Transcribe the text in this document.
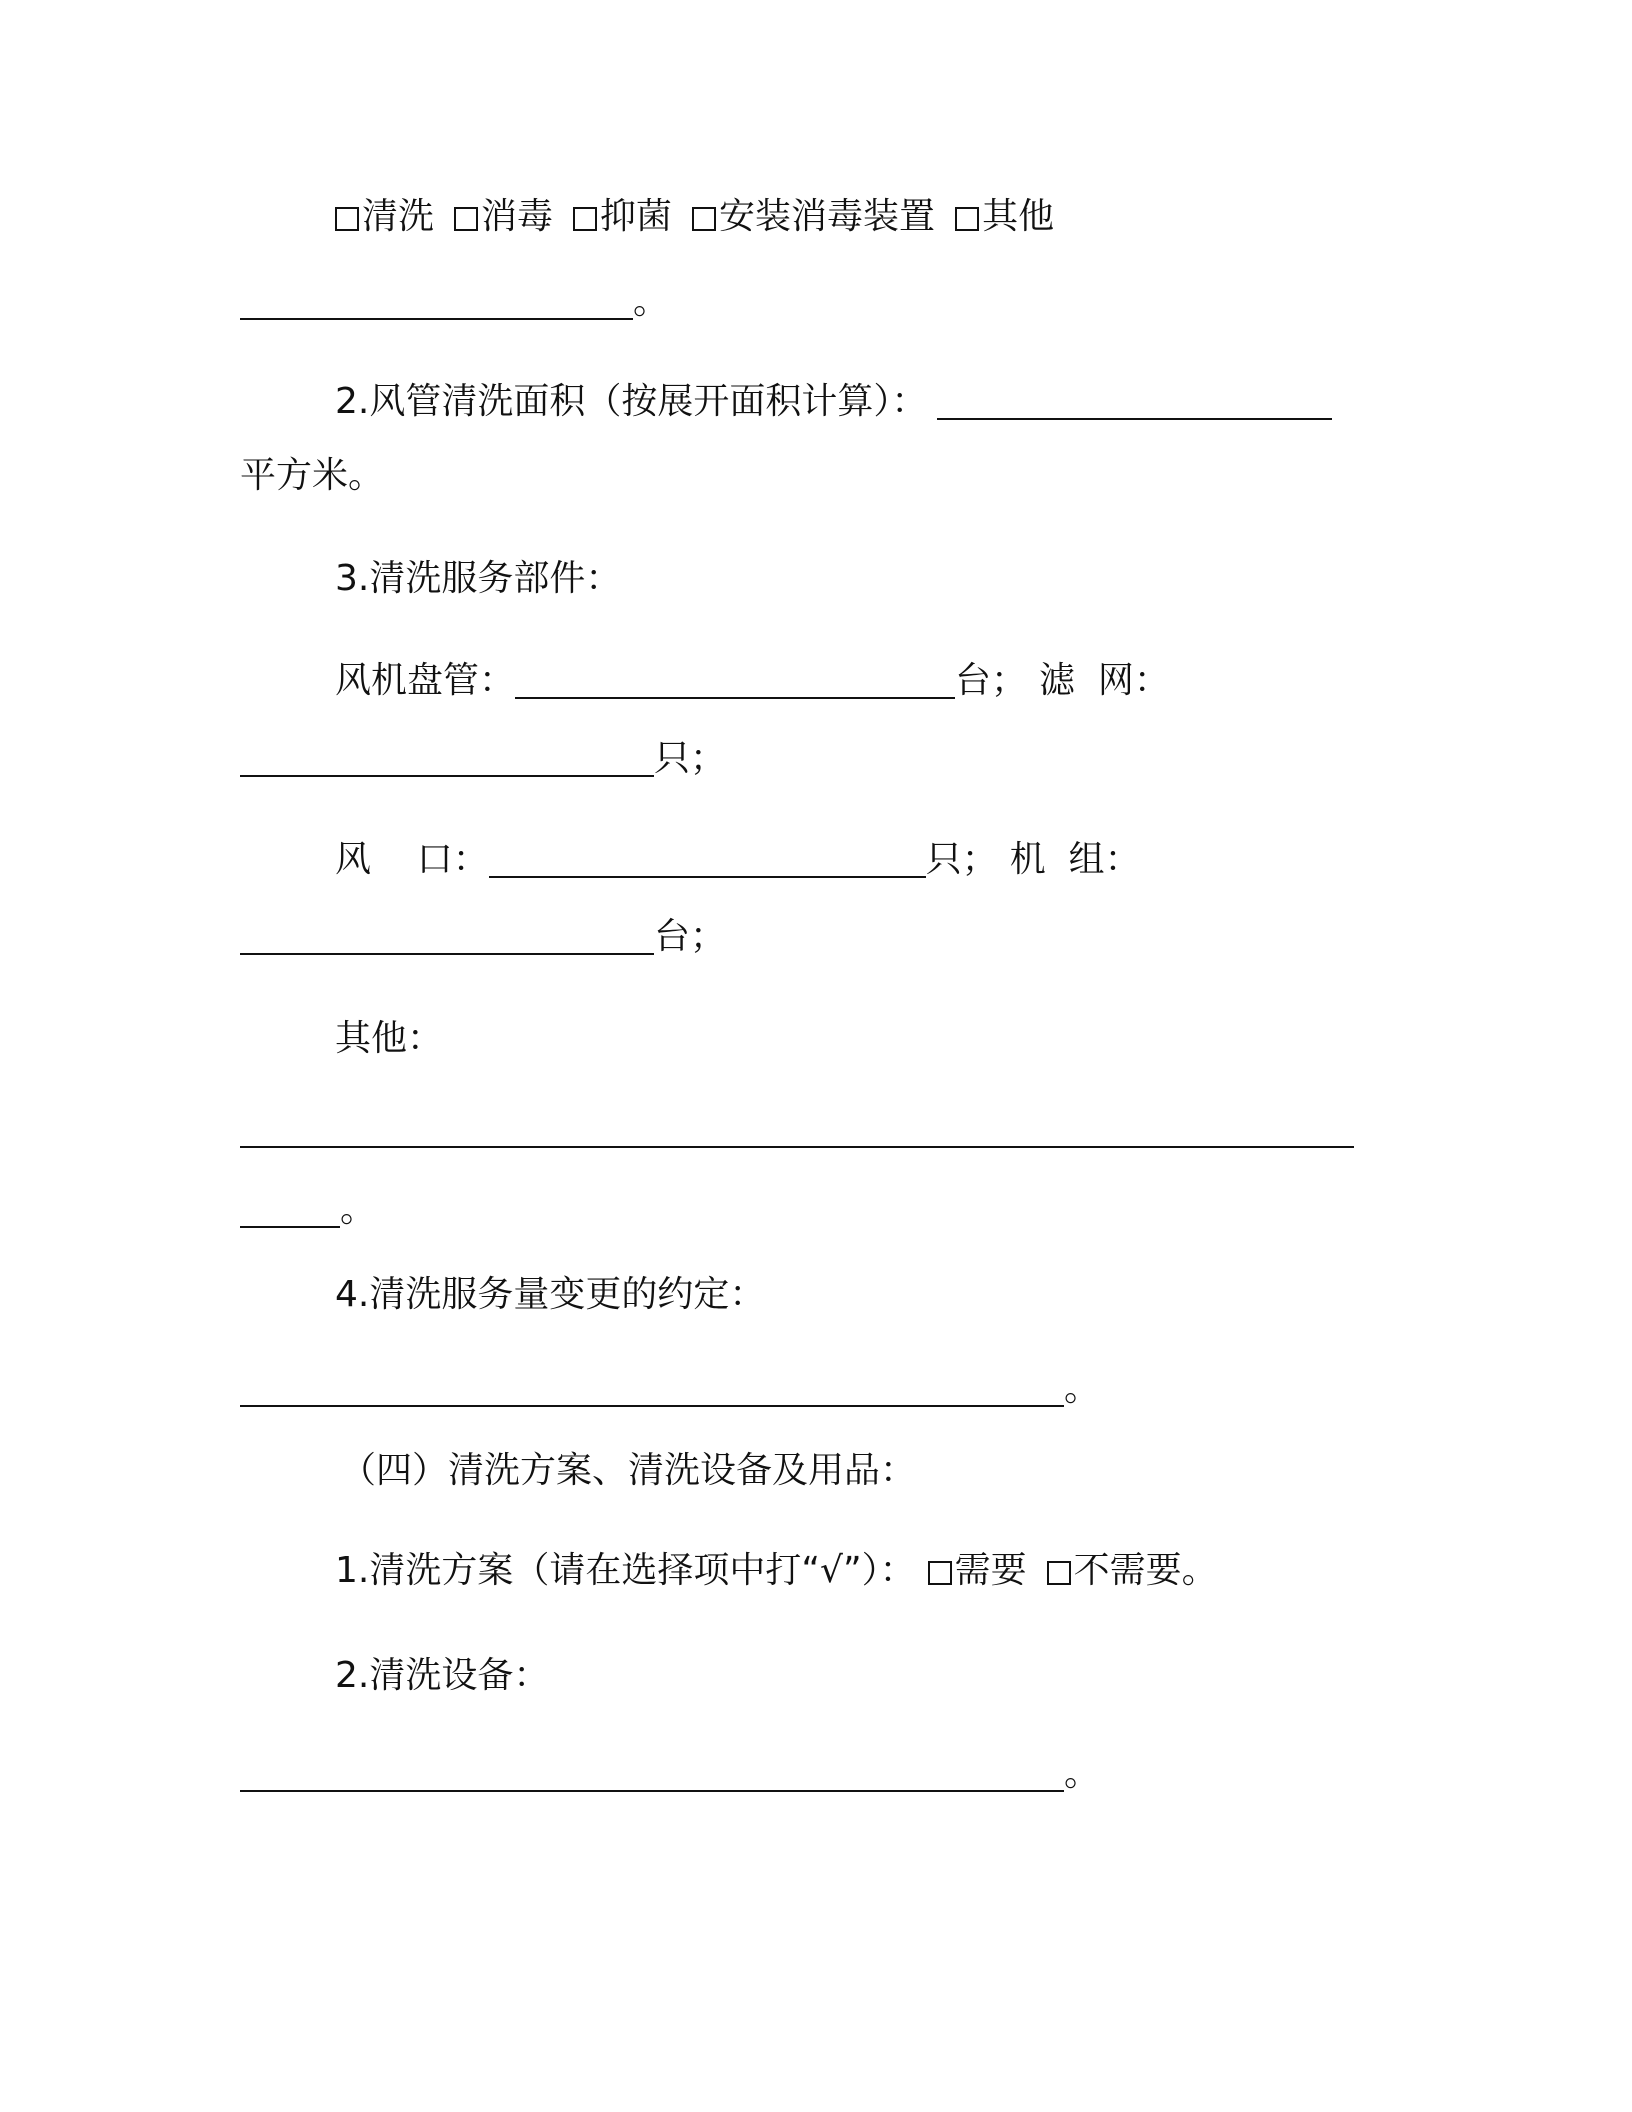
清洗 消毒 抑菌 安装消毒装置 其他
。
2.风管清洗面积（按展开面积计算）：
平方米。
3.清洗服务部件：
风机盘管：	台； 滤  网：
只；
风    口：	只； 机  组：
台；
其他：
。
4.清洗服务量变更的约定：
。
（四）清洗方案、清洗设备及用品：
1.清洗方案（请在选择项中打“√”）： 需要 不需要。
2.清洗设备：
。
